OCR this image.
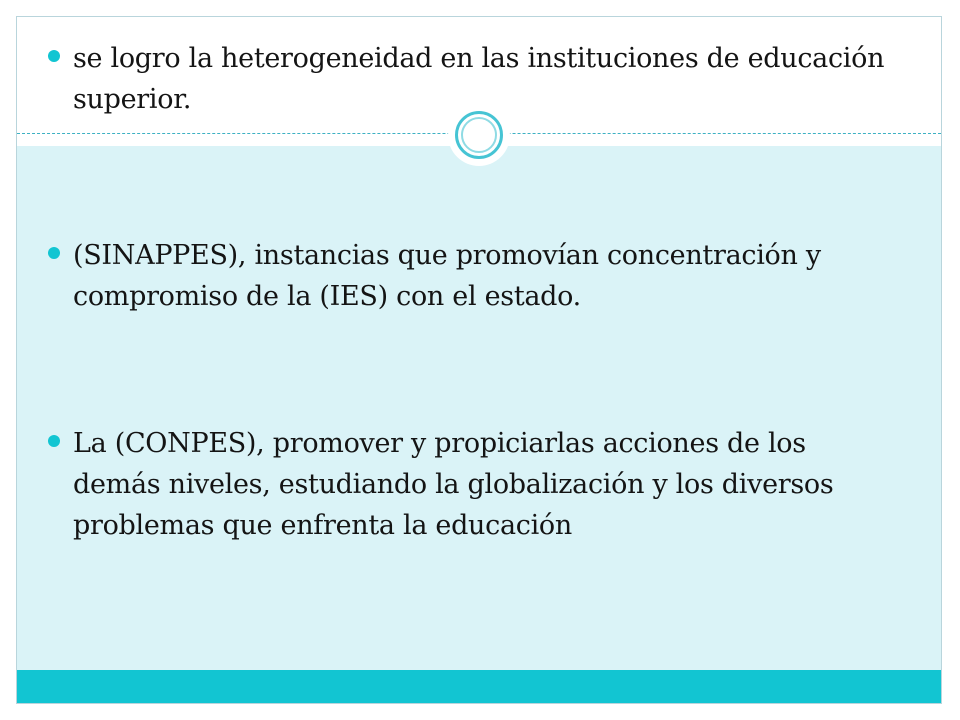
se logro la heterogeneidad en las instituciones de educación superior.
(SINAPPES), instancias que promovían concentración y compromiso de la (IES) con el estado.
La (CONPES), promover y propiciarlas acciones de los demás niveles, estudiando la globalización y los diversos problemas que enfrenta la educación
